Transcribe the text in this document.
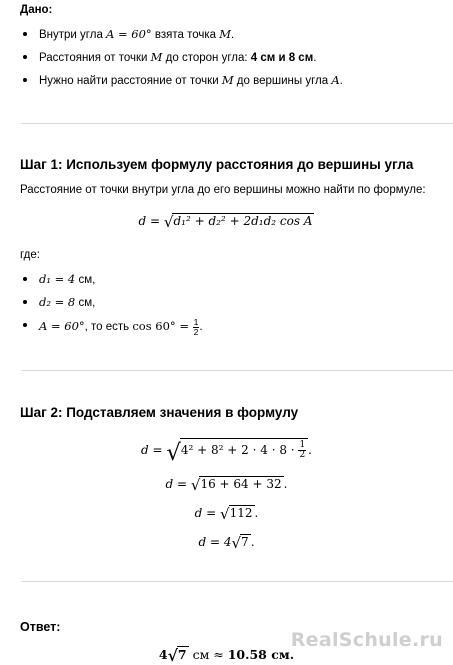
Дано:
Внутри угла A = 60° взята точка M.
Расстояния от точки M до сторон угла: 4 см и 8 см.
Нужно найти расстояние от точки M до вершины угла A.
Шаг 1: Используем формулу расстояния до вершины угла
Расстояние от точки внутри угла до его вершины можно найти по формуле:
d = √d₁² + d₂² + 2d₁d₂ cos A
где:
d₁ = 4 см,
d₂ = 8 см,
A = 60°, то есть $\cos 60^\circ = \frac{1}{2}$ .
Шаг 2: Подставляем значения в формулу
$d = √4^2 + 8^2 + 2 \cdot 4 \cdot 8 \cdot \frac{1}{2}$ .
d = √16 + 64 + 32 .
d = √112 .
d = 4√7 .
Ответ:
4√7 см ≈ 10.58 см.
RealSchule.ru
